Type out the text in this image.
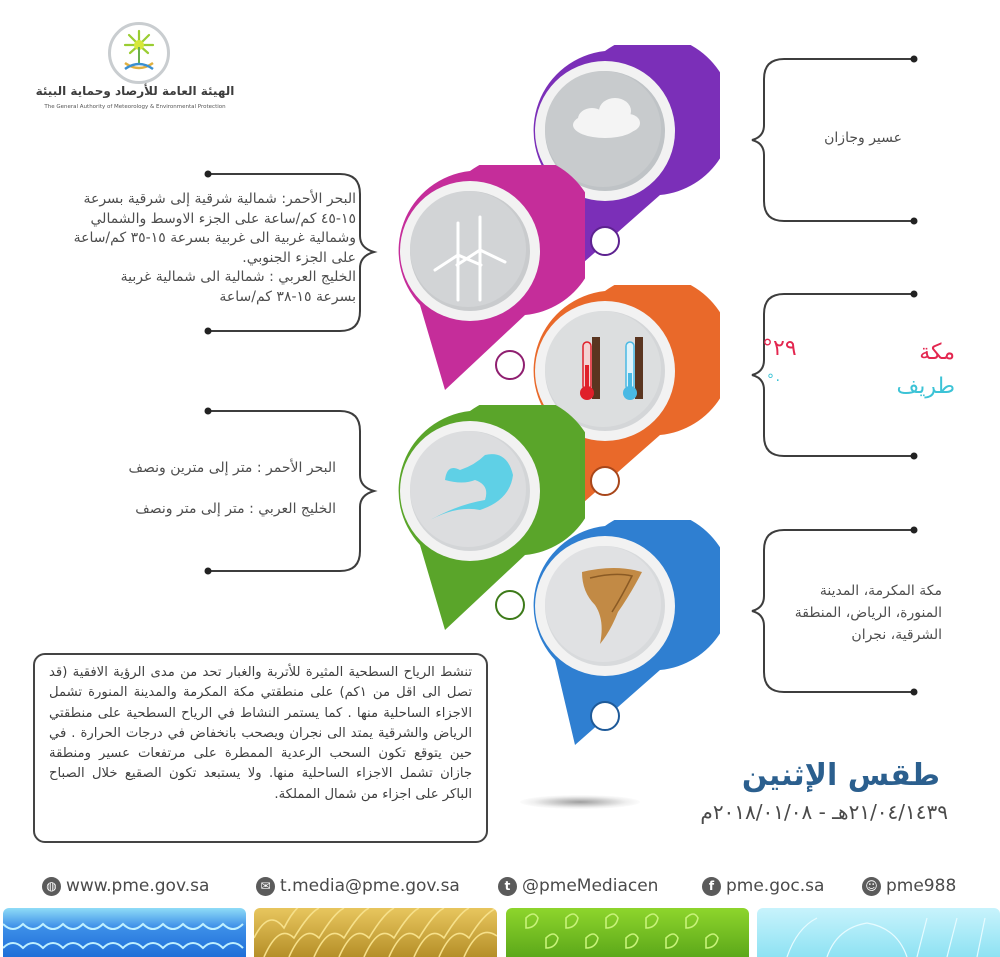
الهيئة العامة للأرصاد وحماية البيئة
The General Authority of Meteorology & Environmental Protection
عسير وجازان
البحر الأحمر: شمالية شرقية إلى شرقية بسرعة
١٥-٤٥ كم/ساعة على الجزء الاوسط والشمالي
وشمالية غربية الى غربية بسرعة ١٥-٣٥ كم/ساعة
على الجزء الجنوبي.
الخليج العربي : شمالية الى شمالية غربية
بسرعة ١٥-٣٨ كم/ساعة
مكة
٢٩°
طريف
٠°
البحر الأحمر : متر إلى مترين ونصف
الخليج العربي : متر إلى متر ونصف
مكة المكرمة، المدينة
المنورة، الرياض، المنطقة
الشرقية، نجران
تنشط الرياح السطحية المثيرة للأتربة والغبار تحد من مدى الرؤية الافقية (قد تصل الى اقل من ١كم) على منطقتي مكة المكرمة والمدينة المنورة تشمل الاجزاء الساحلية منها . كما يستمر النشاط في الرياح السطحية على منطقتي الرياض والشرقية يمتد الى نجران ويصحب بانخفاض في درجات الحرارة . في حين يتوقع تكون السحب الرعدية الممطرة على مرتفعات عسير ومنطقة جازان تشمل الاجزاء الساحلية منها. ولا يستبعد تكون الصقيع خلال الصباح الباكر على اجزاء من شمال المملكة.
طقس الإثنين
٢١/٠٤/١٤٣٩هـ - ٢٠١٨/٠١/٠٨م
◍ www.pme.gov.sa	✉ t.media@pme.gov.sa	t @pmeMediacen	f pme.goc.sa	☺ pme988
